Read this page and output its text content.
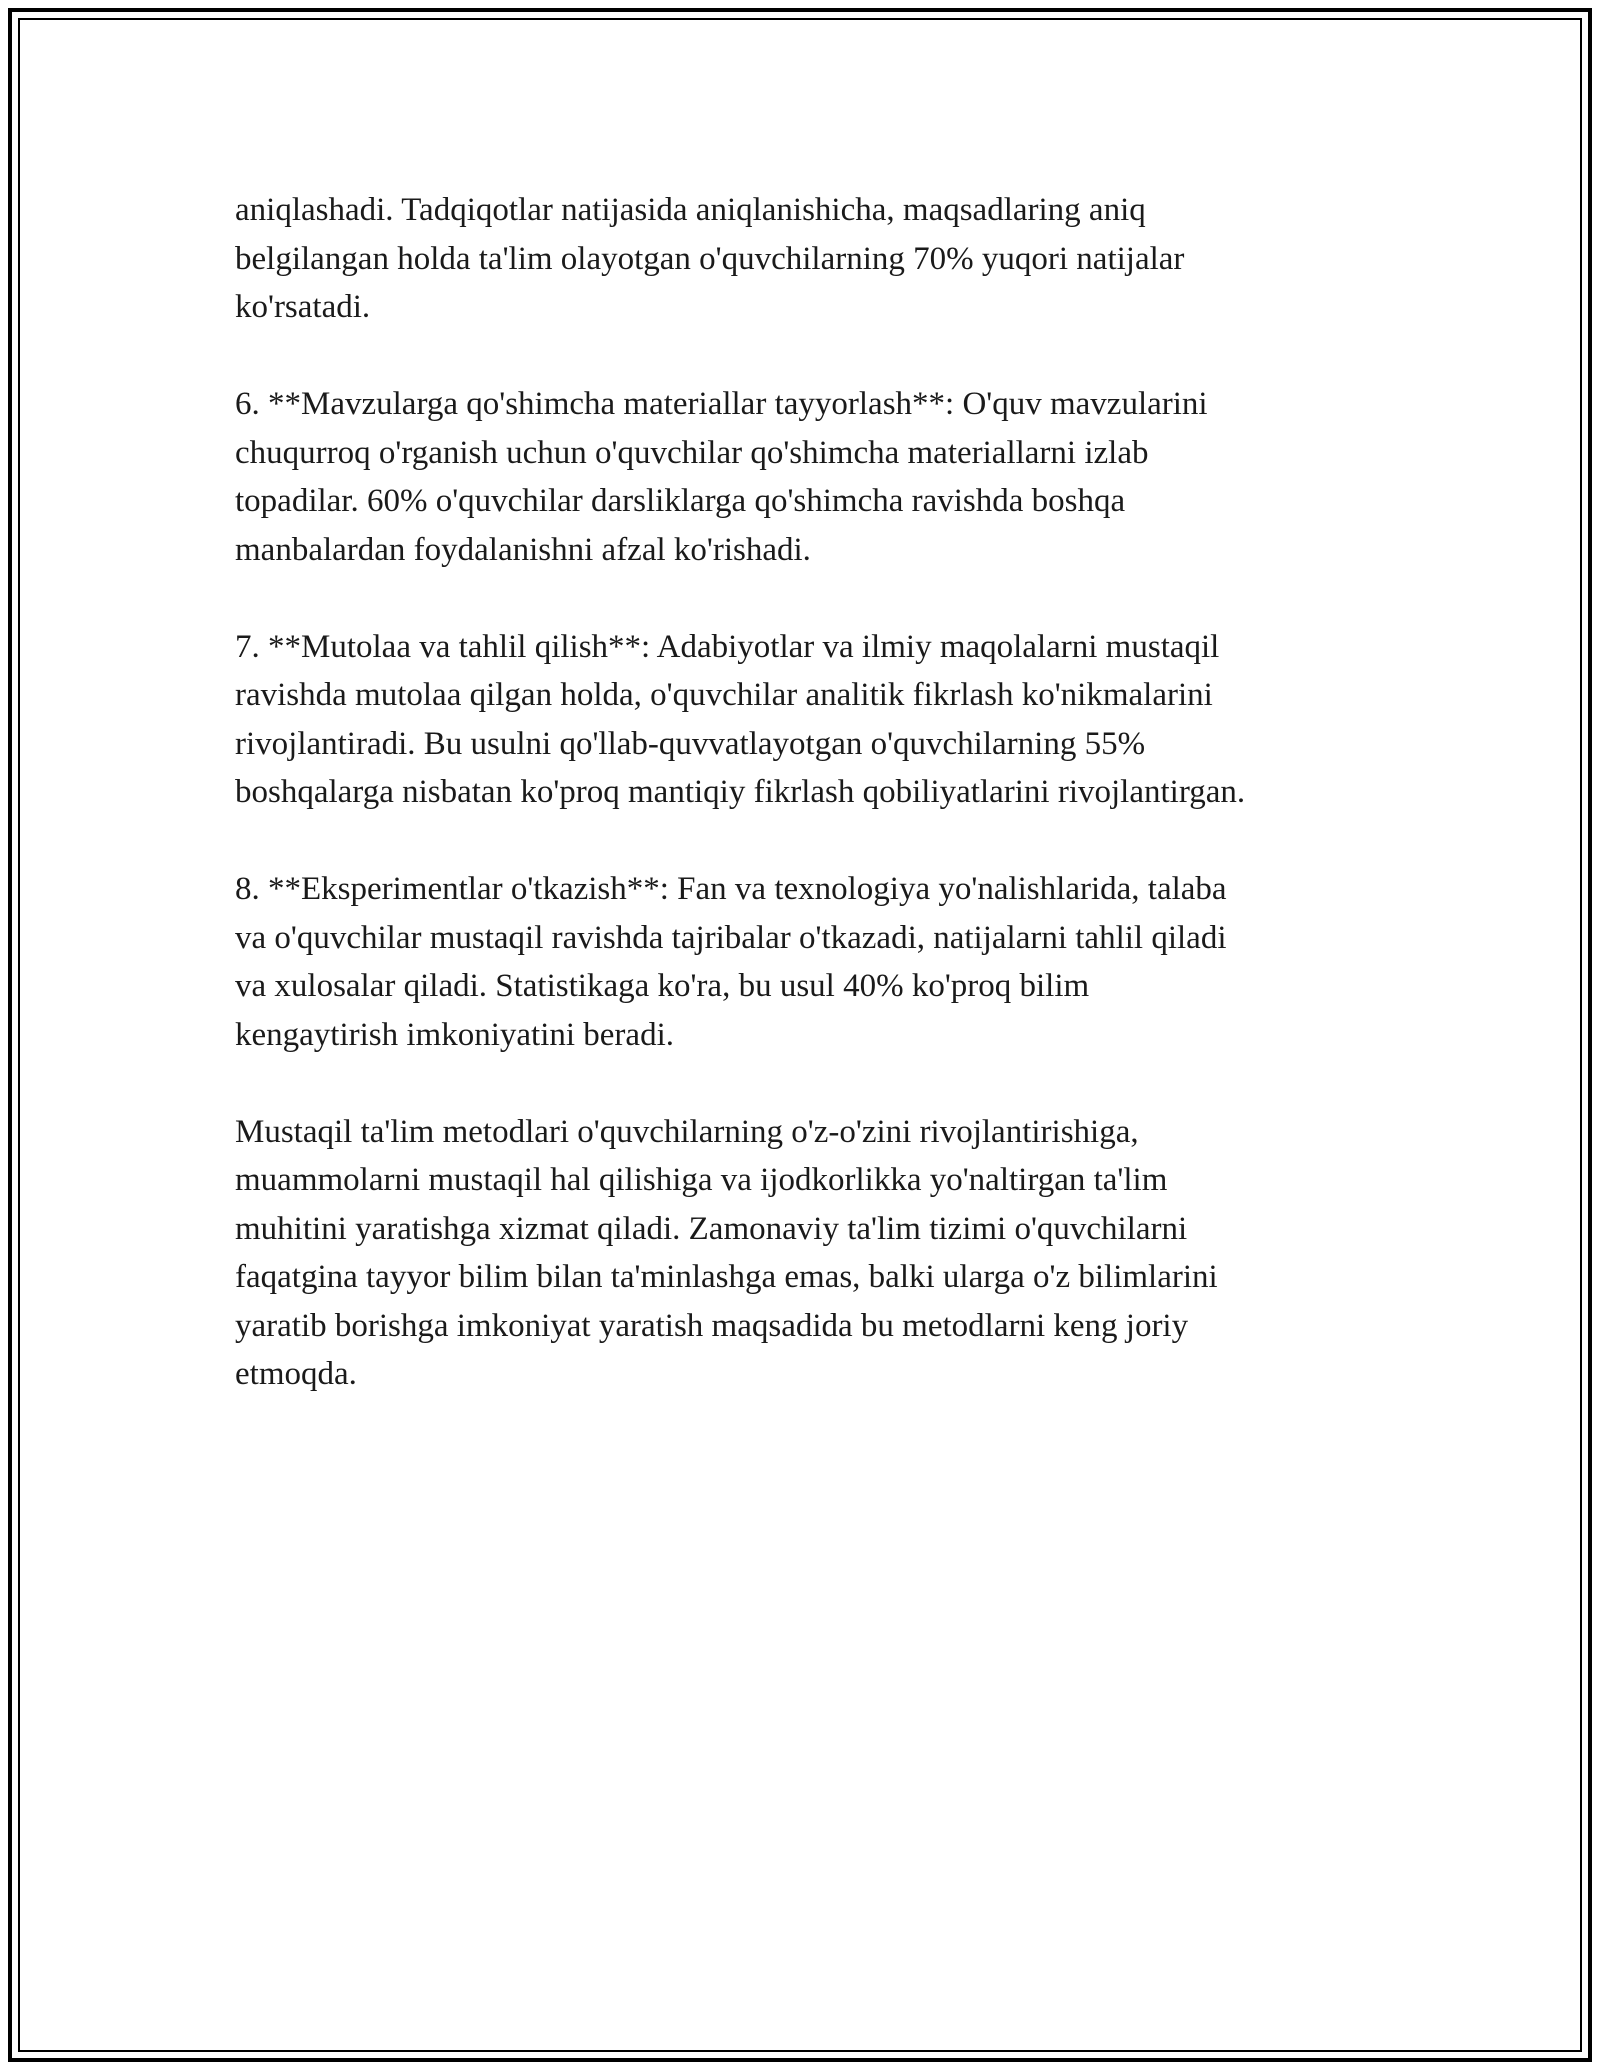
aniqlashadi. Tadqiqotlar natijasida aniqlanishicha, maqsadlaring aniq
belgilangan holda ta'lim olayotgan o'quvchilarning 70% yuqori natijalar
ko'rsatadi.

6. **Mavzularga qo'shimcha materiallar tayyorlash**: O'quv mavzularini
chuqurroq o'rganish uchun o'quvchilar qo'shimcha materiallarni izlab
topadilar. 60% o'quvchilar darsliklarga qo'shimcha ravishda boshqa
manbalardan foydalanishni afzal ko'rishadi.

7. **Mutolaa va tahlil qilish**: Adabiyotlar va ilmiy maqolalarni mustaqil
ravishda mutolaa qilgan holda, o'quvchilar analitik fikrlash ko'nikmalarini
rivojlantiradi. Bu usulni qo'llab-quvvatlayotgan o'quvchilarning 55%
boshqalarga nisbatan ko'proq mantiqiy fikrlash qobiliyatlarini rivojlantirgan.

8. **Eksperimentlar o'tkazish**: Fan va texnologiya yo'nalishlarida, talaba
va o'quvchilar mustaqil ravishda tajribalar o'tkazadi, natijalarni tahlil qiladi
va xulosalar qiladi. Statistikaga ko'ra, bu usul 40% ko'proq bilim
kengaytirish imkoniyatini beradi.

Mustaqil ta'lim metodlari o'quvchilarning o'z-o'zini rivojlantirishiga,
muammolarni mustaqil hal qilishiga va ijodkorlikka yo'naltirgan ta'lim
muhitini yaratishga xizmat qiladi. Zamonaviy ta'lim tizimi o'quvchilarni
faqatgina tayyor bilim bilan ta'minlashga emas, balki ularga o'z bilimlarini
yaratib borishga imkoniyat yaratish maqsadida bu metodlarni keng joriy
etmoqda.
